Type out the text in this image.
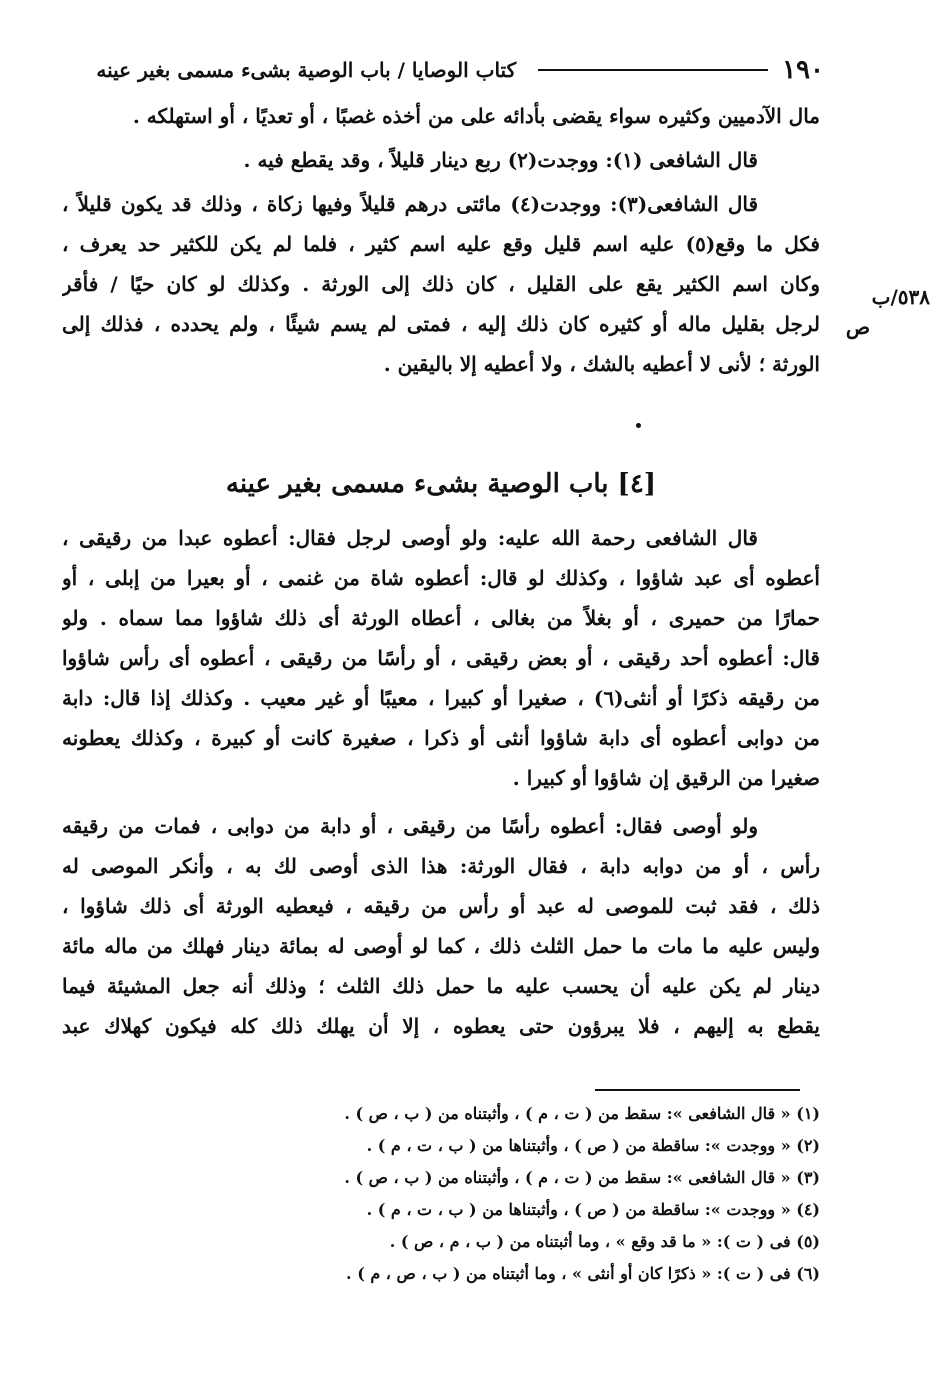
١٩٠
كتاب الوصايا / باب الوصية بشىء مسمى بغير عينه
مال الآدميين وكثيره سواء يقضى بأدائه على من أخذه غصبًا ، أو تعديًا ، أو استهلكه .
قال الشافعى (١): ووجدت(٢) ربع دينار قليلاً ، وقد يقطع فيه .
قال الشافعى(٣): ووجدت(٤) مائتى درهم قليلاً وفيها زكاة ، وذلك قد يكون قليلاً ،
فكل ما وقع(٥) عليه اسم قليل وقع عليه اسم كثير ، فلما لم يكن للكثير حد يعرف ،
وكان اسم الكثير يقع على القليل ، كان ذلك إلى الورثة . وكذلك لو كان حيًا / فأقر
لرجل بقليل ماله أو كثيره كان ذلك إليه ، فمتى لم يسم شيئًا ، ولم يحدده ، فذلك إلى
الورثة ؛ لأنى لا أعطيه بالشك ، ولا أعطيه إلا باليقين .
٥٣٨/ب
ص
[٤] باب الوصية بشىء مسمى بغير عينه
قال الشافعى رحمة الله عليه: ولو أوصى لرجل فقال: أعطوه عبدا من رقيقى ،
أعطوه أى عبد شاؤوا ، وكذلك لو قال: أعطوه شاة من غنمى ، أو بعيرا من إبلى ، أو
حمارًا من حميرى ، أو بغلاً من بغالى ، أعطاه الورثة أى ذلك شاؤوا مما سماه . ولو
قال: أعطوه أحد رقيقى ، أو بعض رقيقى ، أو رأسًا من رقيقى ، أعطوه أى رأس شاؤوا
من رقيقه ذكرًا أو أنثى(٦) ، صغيرا أو كبيرا ، معيبًا أو غير معيب . وكذلك إذا قال: دابة
من دوابى أعطوه أى دابة شاؤوا أنثى أو ذكرا ، صغيرة كانت أو كبيرة ، وكذلك يعطونه
صغيرا من الرقيق إن شاؤوا أو كبيرا .
ولو أوصى فقال: أعطوه رأسًا من رقيقى ، أو دابة من دوابى ، فمات من رقيقه
رأس ، أو من دوابه دابة ، فقال الورثة: هذا الذى أوصى لك به ، وأنكر الموصى له
ذلك ، فقد ثبت للموصى له عبد أو رأس من رقيقه ، فيعطيه الورثة أى ذلك شاؤوا ،
وليس عليه ما مات ما حمل الثلث ذلك ، كما لو أوصى له بمائة دينار فهلك من ماله مائة
دينار لم يكن عليه أن يحسب عليه ما حمل ذلك الثلث ؛ وذلك أنه جعل المشيئة فيما
يقطع به إليهم ، فلا يبرؤون حتى يعطوه ، إلا أن يهلك ذلك كله فيكون كهلاك عبد
(١) « قال الشافعى »: سقط من ( ت ، م ) ، وأثبتناه من ( ب ، ص ) .
(٢) « ووجدت »: ساقطة من ( ص ) ، وأثبتناها من ( ب ، ت ، م ) .
(٣) « قال الشافعى »: سقط من ( ت ، م ) ، وأثبتناه من ( ب ، ص ) .
(٤) « ووجدت »: ساقطة من ( ص ) ، وأثبتناها من ( ب ، ت ، م ) .
(٥) فى ( ت ): « ما قد وقع » ، وما أثبتناه من ( ب ، م ، ص ) .
(٦) فى ( ت ): « ذكرًا كان أو أنثى » ، وما أثبتناه من ( ب ، ص ، م ) .
